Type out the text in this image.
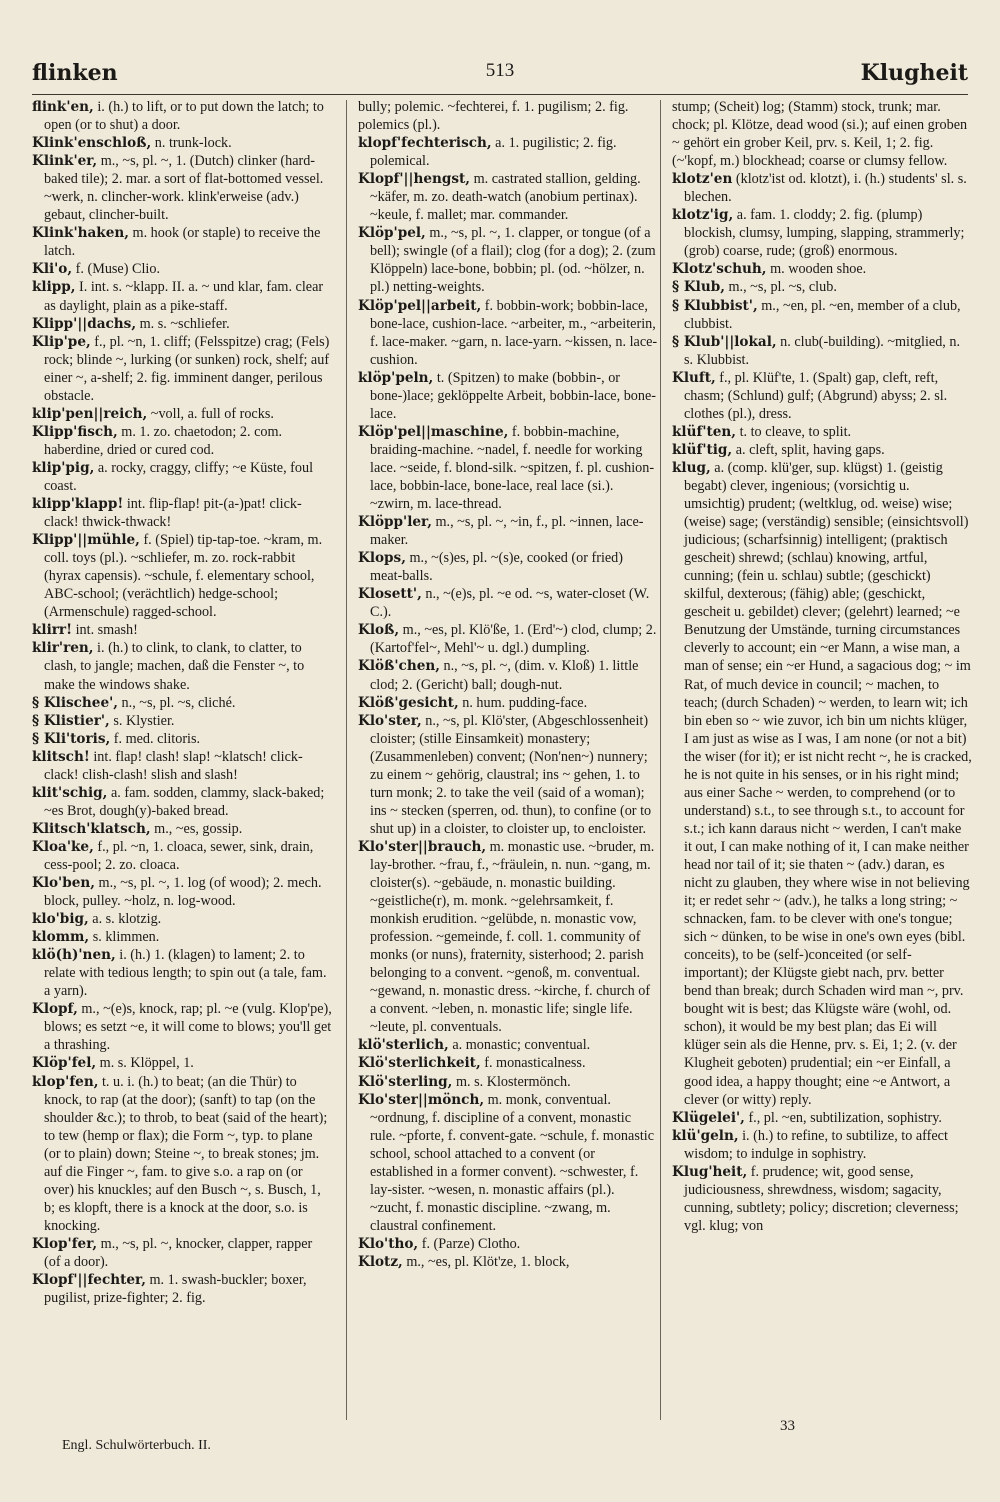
flinken	513	Klugheit

flink'en, i. (h.) to lift, or to put down the latch; to open (or to shut) a door.

Klink'enschloß, n. trunk-lock.

Klink'er, m., ~s, pl. ~, 1. (Dutch) clinker (hard-baked tile); 2. mar. a sort of flat-bottomed vessel. ~werk, n. clincher-work. klink'erweise (adv.) gebaut, clincher-built.

Klink'haken, m. hook (or staple) to receive the latch.

Kli'o, f. (Muse) Clio.

klipp, I. int. s. ~klapp. II. a. ~ und klar, fam. clear as daylight, plain as a pike-staff.

Klipp'||dachs, m. s. ~schliefer.

Klip'pe, f., pl. ~n, 1. cliff; (Felsspitze) crag; (Fels) rock; blinde ~, lurking (or sunken) rock, shelf; auf einer ~, a-shelf; 2. fig. imminent danger, perilous obstacle.

klip'pen||reich, ~voll, a. full of rocks.

Klipp'fisch, m. 1. zo. chaetodon; 2. com. haberdine, dried or cured cod.

klip'pig, a. rocky, craggy, cliffy; ~e Küste, foul coast.

klipp'klapp! int. flip-flap! pit-(a-)pat! click-clack! thwick-thwack!

Klipp'||mühle, f. (Spiel) tip-tap-toe. ~kram, m. coll. toys (pl.). ~schliefer, m. zo. rock-rabbit (hyrax capensis). ~schule, f. elementary school, ABC-school; (verächtlich) hedge-school; (Armenschule) ragged-school.

klirr! int. smash!

klir'ren, i. (h.) to clink, to clank, to clatter, to clash, to jangle; machen, daß die Fenster ~, to make the windows shake.

§ Klischee', n., ~s, pl. ~s, cliché.

§ Klistier', s. Klystier.

§ Kli'toris, f. med. clitoris.

klitsch! int. flap! clash! slap! ~klatsch! click-clack! clish-clash! slish and slash!

klit'schig, a. fam. sodden, clammy, slack-baked; ~es Brot, dough(y)-baked bread.

Klitsch'klatsch, m., ~es, gossip.

Kloa'ke, f., pl. ~n, 1. cloaca, sewer, sink, drain, cess-pool; 2. zo. cloaca.

Klo'ben, m., ~s, pl. ~, 1. log (of wood); 2. mech. block, pulley. ~holz, n. log-wood.

klo'big, a. s. klotzig.

klomm, s. klimmen.

klö(h)'nen, i. (h.) 1. (klagen) to lament; 2. to relate with tedious length; to spin out (a tale, fam. a yarn).

Klopf, m., ~(e)s, knock, rap; pl. ~e (vulg. Klop'pe), blows; es setzt ~e, it will come to blows; you'll get a thrashing.

Klöp'fel, m. s. Klöppel, 1.

klop'fen, t. u. i. (h.) to beat; (an die Thür) to knock, to rap (at the door); (sanft) to tap (on the shoulder &c.); to throb, to beat (said of the heart); to tew (hemp or flax); die Form ~, typ. to plane (or to plain) down; Steine ~, to break stones; jm. auf die Finger ~, fam. to give s.o. a rap on (or over) his knuckles; auf den Busch ~, s. Busch, 1, b; es klopft, there is a knock at the door, s.o. is knocking.

Klop'fer, m., ~s, pl. ~, knocker, clapper, rapper (of a door).

Klopf'||fechter, m. 1. swash-buckler; boxer, pugilist, prize-fighter; 2. fig.

bully; polemic. ~fechterei, f. 1. pugilism; 2. fig. polemics (pl.).

klopf'fechterisch, a. 1. pugilistic; 2. fig. polemical.

Klopf'||hengst, m. castrated stallion, gelding. ~käfer, m. zo. death-watch (anobium pertinax). ~keule, f. mallet; mar. commander.

Klöp'pel, m., ~s, pl. ~, 1. clapper, or tongue (of a bell); swingle (of a flail); clog (for a dog); 2. (zum Klöppeln) lace-bone, bobbin; pl. (od. ~hölzer, n. pl.) netting-weights.

Klöp'pel||arbeit, f. bobbin-work; bobbin-lace, bone-lace, cushion-lace. ~arbeiter, m., ~arbeiterin, f. lace-maker. ~garn, n. lace-yarn. ~kissen, n. lace-cushion.

klöp'peln, t. (Spitzen) to make (bobbin-, or bone-)lace; geklöppelte Arbeit, bobbin-lace, bone-lace.

Klöp'pel||maschine, f. bobbin-machine, braiding-machine. ~nadel, f. needle for working lace. ~seide, f. blond-silk. ~spitzen, f. pl. cushion-lace, bobbin-lace, bone-lace, real lace (si.). ~zwirn, m. lace-thread.

Klöpp'ler, m., ~s, pl. ~, ~in, f., pl. ~innen, lace-maker.

Klops, m., ~(s)es, pl. ~(s)e, cooked (or fried) meat-balls.

Klosett', n., ~(e)s, pl. ~e od. ~s, water-closet (W. C.).

Kloß, m., ~es, pl. Klö'ße, 1. (Erd'~) clod, clump; 2. (Kartof'fel~, Mehl'~ u. dgl.) dumpling.

Klöß'chen, n., ~s, pl. ~, (dim. v. Kloß) 1. little clod; 2. (Gericht) ball; dough-nut.

Klöß'gesicht, n. hum. pudding-face.

Klo'ster, n., ~s, pl. Klö'ster, (Abgeschlossenheit) cloister; (stille Einsamkeit) monastery; (Zusammenleben) convent; (Non'nen~) nunnery; zu einem ~ gehörig, claustral; ins ~ gehen, 1. to turn monk; 2. to take the veil (said of a woman); ins ~ stecken (sperren, od. thun), to confine (or to shut up) in a cloister, to cloister up, to encloister.

Klo'ster||brauch, m. monastic use. ~bruder, m. lay-brother. ~frau, f., ~fräulein, n. nun. ~gang, m. cloister(s). ~gebäude, n. monastic building. ~geistliche(r), m. monk. ~gelehrsamkeit, f. monkish erudition. ~gelübde, n. monastic vow, profession. ~gemeinde, f. coll. 1. community of monks (or nuns), fraternity, sisterhood; 2. parish belonging to a convent. ~genoß, m. conventual. ~gewand, n. monastic dress. ~kirche, f. church of a convent. ~leben, n. monastic life; single life. ~leute, pl. conventuals.

klö'sterlich, a. monastic; conventual.

Klö'sterlichkeit, f. monasticalness.

Klö'sterling, m. s. Klostermönch.

Klo'ster||mönch, m. monk, conventual. ~ordnung, f. discipline of a convent, monastic rule. ~pforte, f. convent-gate. ~schule, f. monastic school, school attached to a convent (or established in a former convent). ~schwester, f. lay-sister. ~wesen, n. monastic affairs (pl.). ~zucht, f. monastic discipline. ~zwang, m. claustral confinement.

Klo'tho, f. (Parze) Clotho.

Klotz, m., ~es, pl. Klöt'ze, 1. block,

stump; (Scheit) log; (Stamm) stock, trunk; mar. chock; pl. Klötze, dead wood (si.); auf einen groben ~ gehört ein grober Keil, prv. s. Keil, 1; 2. fig. (~'kopf, m.) blockhead; coarse or clumsy fellow.

klotz'en (klotz'ist od. klotzt), i. (h.) students' sl. s. blechen.

klotz'ig, a. fam. 1. cloddy; 2. fig. (plump) blockish, clumsy, lumping, slapping, strammerly; (grob) coarse, rude; (groß) enormous.

Klotz'schuh, m. wooden shoe.

§ Klub, m., ~s, pl. ~s, club.

§ Klubbist', m., ~en, pl. ~en, member of a club, clubbist.

§ Klub'||lokal, n. club(-building). ~mitglied, n. s. Klubbist.

Kluft, f., pl. Klüf'te, 1. (Spalt) gap, cleft, reft, chasm; (Schlund) gulf; (Abgrund) abyss; 2. sl. clothes (pl.), dress.

klüf'ten, t. to cleave, to split.

klüf'tig, a. cleft, split, having gaps.

klug, a. (comp. klü'ger, sup. klügst) 1. (geistig begabt) clever, ingenious; (vorsichtig u. umsichtig) prudent; (weltklug, od. weise) wise; (weise) sage; (verständig) sensible; (einsichtsvoll) judicious; (scharfsinnig) intelligent; (praktisch gescheit) shrewd; (schlau) knowing, artful, cunning; (fein u. schlau) subtle; (geschickt) skilful, dexterous; (fähig) able; (geschickt, gescheit u. gebildet) clever; (gelehrt) learned; ~e Benutzung der Umstände, turning circumstances cleverly to account; ein ~er Mann, a wise man, a man of sense; ein ~er Hund, a sagacious dog; ~ im Rat, of much device in council; ~ machen, to teach; (durch Schaden) ~ werden, to learn wit; ich bin eben so ~ wie zuvor, ich bin um nichts klüger, I am just as wise as I was, I am none (or not a bit) the wiser (for it); er ist nicht recht ~, he is cracked, he is not quite in his senses, or in his right mind; aus einer Sache ~ werden, to comprehend (or to understand) s.t., to see through s.t., to account for s.t.; ich kann daraus nicht ~ werden, I can't make it out, I can make nothing of it, I can make neither head nor tail of it; sie thaten ~ (adv.) daran, es nicht zu glauben, they where wise in not believing it; er redet sehr ~ (adv.), he talks a long string; ~ schnacken, fam. to be clever with one's tongue; sich ~ dünken, to be wise in one's own eyes (bibl. conceits), to be (self-)conceited (or self-important); der Klügste giebt nach, prv. better bend than break; durch Schaden wird man ~, prv. bought wit is best; das Klügste wäre (wohl, od. schon), it would be my best plan; das Ei will klüger sein als die Henne, prv. s. Ei, 1; 2. (v. der Klugheit geboten) prudential; ein ~er Einfall, a good idea, a happy thought; eine ~e Antwort, a clever (or witty) reply.

Klügelei', f., pl. ~en, subtilization, sophistry.

klü'geln, i. (h.) to refine, to subtilize, to affect wisdom; to indulge in sophistry.

Klug'heit, f. prudence; wit, good sense, judiciousness, shrewdness, wisdom; sagacity, cunning, subtlety; policy; discretion; cleverness; vgl. klug; von

Engl. Schulwörterbuch. II.
33
